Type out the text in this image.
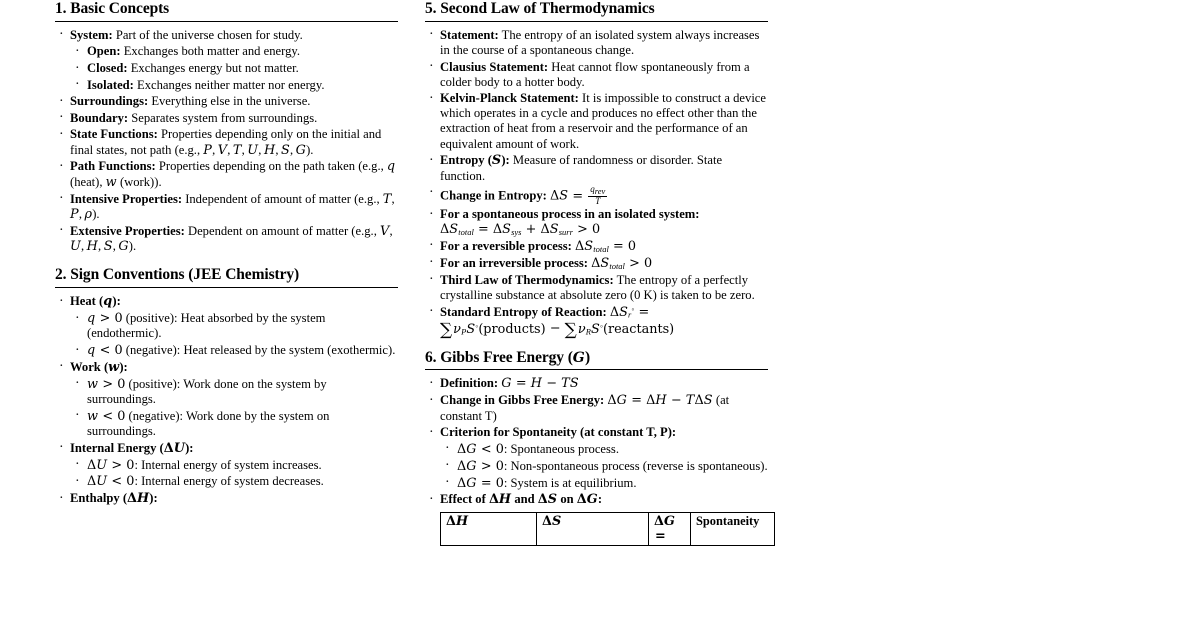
1. Basic Concepts
· System: Part of the universe chosen for study.
· Open: Exchanges both matter and energy.
· Closed: Exchanges energy but not matter.
· Isolated: Exchanges neither matter nor energy.
· Surroundings: Everything else in the universe.
· Boundary: Separates system from surroundings.
· State Functions: Properties depending only on the initial and final states, not path (e.g., P, V, T, U, H, S, G).
· Path Functions: Properties depending on the path taken (e.g., q (heat), w (work)).
· Intensive Properties: Independent of amount of matter (e.g., T, P, ρ).
· Extensive Properties: Dependent on amount of matter (e.g., V, U, H, S, G).
2. Sign Conventions (JEE Chemistry)
· Heat (q):
· q > 0 (positive): Heat absorbed by the system (endothermic).
· q < 0 (negative): Heat released by the system (exothermic).
· Work (w):
· w > 0 (positive): Work done on the system by surroundings.
· w < 0 (negative): Work done by the system on surroundings.
· Internal Energy (ΔU):
· ΔU > 0: Internal energy of system increases.
· ΔU < 0: Internal energy of system decreases.
· Enthalpy (ΔH):
5. Second Law of Thermodynamics
· Statement: The entropy of an isolated system always increases in the course of a spontaneous change.
· Clausius Statement: Heat cannot flow spontaneously from a colder body to a hotter body.
· Kelvin-Planck Statement: It is impossible to construct a device which operates in a cycle and produces no effect other than the extraction of heat from a reservoir and the performance of an equivalent amount of work.
· Entropy (S): Measure of randomness or disorder. State function.
· Change in Entropy: $\Delta S = \frac{q_{rev}}{T}$
· For a spontaneous process in an isolated system:
$\Delta S_{total} = \Delta S_{sys} + \Delta S_{surr} > 0$
· For a reversible process: $\Delta S_{total} = 0$
· For an irreversible process: $\Delta S_{total} > 0$
· Third Law of Thermodynamics: The entropy of a perfectly crystalline substance at absolute zero (0 K) is taken to be zero.
· Standard Entropy of Reaction: $\Delta S_r^◦$ =
$\sum\nu_PS^◦(products)$ − $\sum\nu_RS^◦(reactants)$
6. Gibbs Free Energy (G)
· Definition: G = H − TS
· Change in Gibbs Free Energy: ΔG = ΔH − TΔS (at constant T)
· Criterion for Spontaneity (at constant T, P):
· ΔG < 0: Spontaneous process.
· ΔG > 0: Non-spontaneous process (reverse is spontaneous).
· ΔG = 0: System is at equilibrium.
· Effect of ΔH and ΔS on ΔG:
ΔH	ΔS	ΔG =	Spontaneity
